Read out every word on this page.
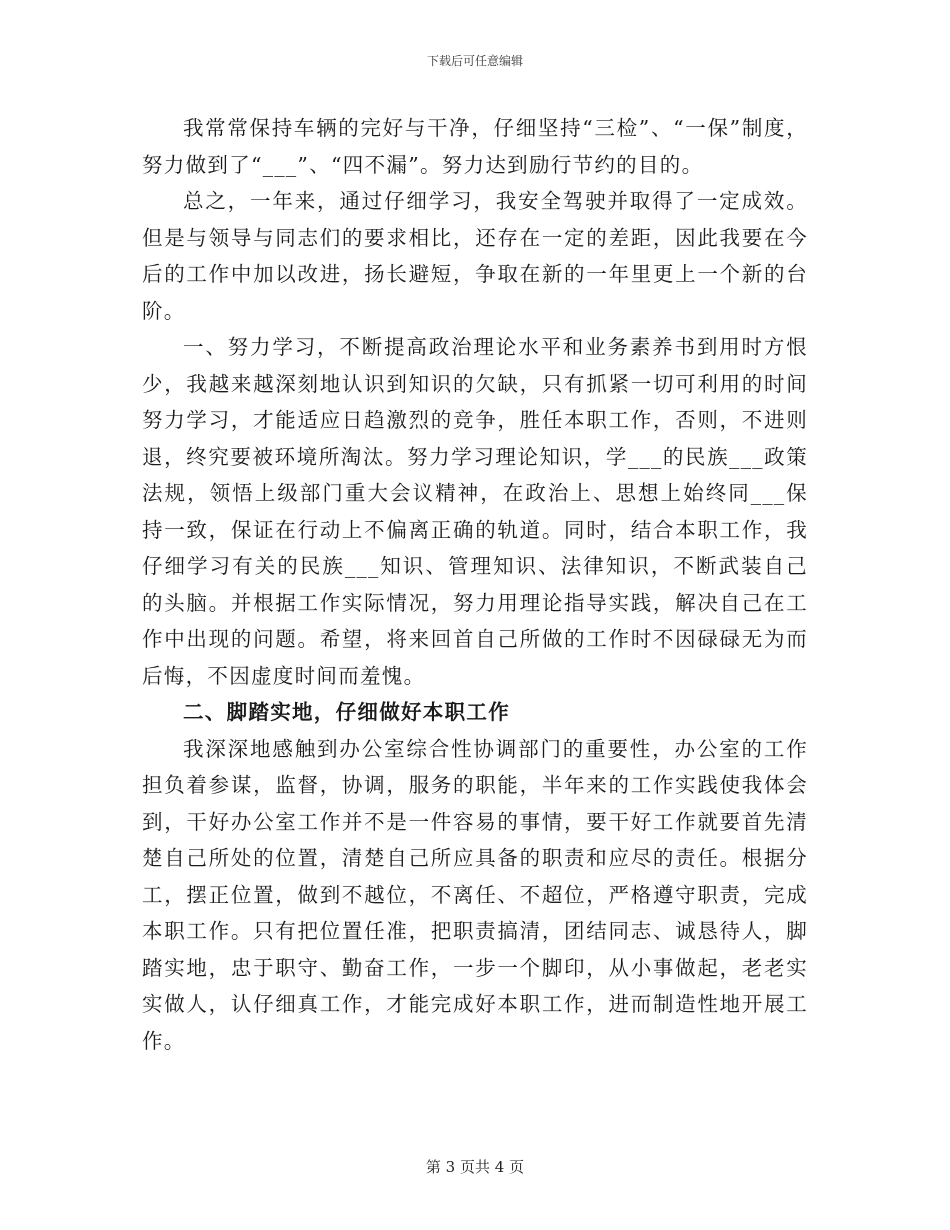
下载后可任意编辑

我常常保持车辆的完好与干净，仔细坚持“三检”、“一保”制度，努力做到了“___”、“四不漏”。努力达到励行节约的目的。

总之，一年来，通过仔细学习，我安全驾驶并取得了一定成效。但是与领导与同志们的要求相比，还存在一定的差距，因此我要在今后的工作中加以改进，扬长避短，争取在新的一年里更上一个新的台阶。

一、努力学习，不断提高政治理论水平和业务素养书到用时方恨少，我越来越深刻地认识到知识的欠缺，只有抓紧一切可利用的时间努力学习，才能适应日趋激烈的竞争，胜任本职工作，否则，不进则退，终究要被环境所淘汰。努力学习理论知识，学___的民族___政策法规，领悟上级部门重大会议精神，在政治上、思想上始终同___保持一致，保证在行动上不偏离正确的轨道。同时，结合本职工作，我仔细学习有关的民族___知识、管理知识、法律知识，不断武装自己的头脑。并根据工作实际情况，努力用理论指导实践，解决自己在工作中出现的问题。希望，将来回首自己所做的工作时不因碌碌无为而后悔，不因虚度时间而羞愧。

二、脚踏实地，仔细做好本职工作

我深深地感触到办公室综合性协调部门的重要性，办公室的工作担负着参谋，监督，协调，服务的职能，半年来的工作实践使我体会到，干好办公室工作并不是一件容易的事情，要干好工作就要首先清楚自己所处的位置，清楚自己所应具备的职责和应尽的责任。根据分工，摆正位置，做到不越位，不离任、不超位，严格遵守职责，完成本职工作。只有把位置任准，把职责搞清，团结同志、诚恳待人，脚踏实地，忠于职守、勤奋工作，一步一个脚印，从小事做起，老老实实做人，认仔细真工作，才能完成好本职工作，进而制造性地开展工作。

第 3 页共 4 页
